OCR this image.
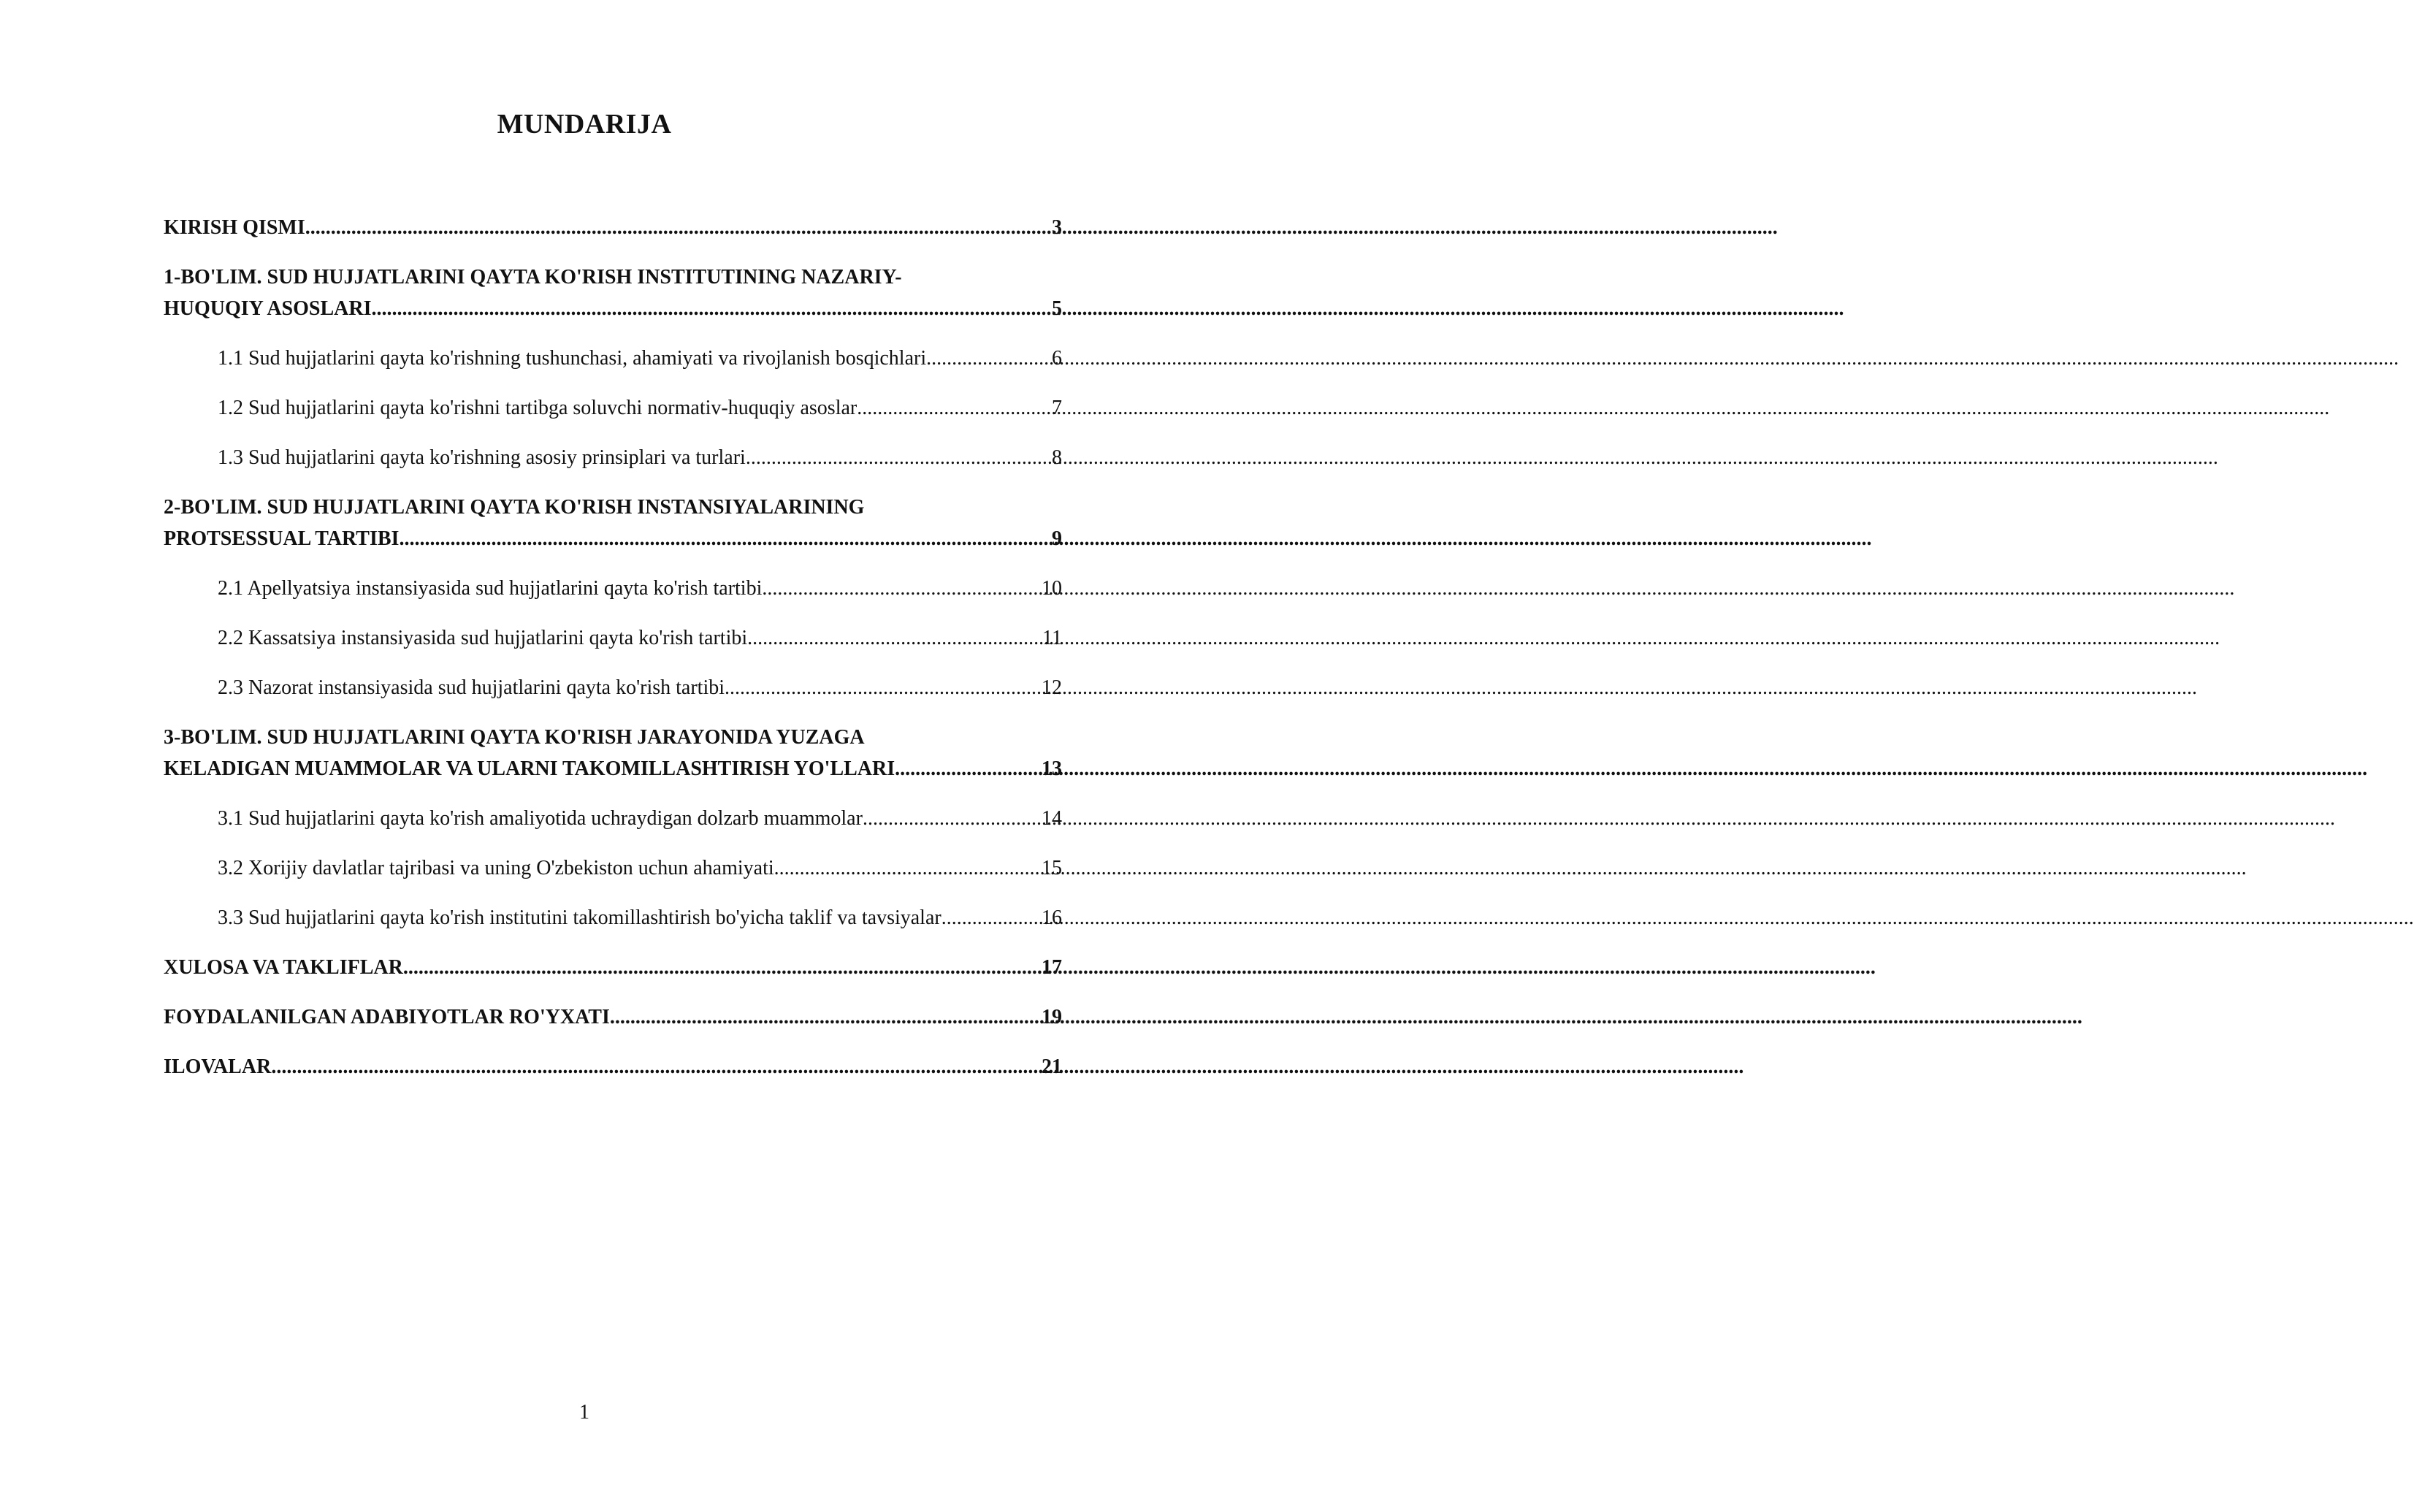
MUNDARIJA
KIRISH QISMI .....	3
1-BO'LIM. SUD HUJJATLARINI QAYTA KO'RISH INSTITUTINING NAZARIY-
HUQUQIY ASOSLARI .....	5
1.1 Sud hujjatlarini qayta ko'rishning tushunchasi, ahamiyati va rivojlanish bosqichlari .....	6
1.2 Sud hujjatlarini qayta ko'rishni tartibga soluvchi normativ-huquqiy asoslar .....	7
1.3 Sud hujjatlarini qayta ko'rishning asosiy prinsiplari va turlari .....	8
2-BO'LIM. SUD HUJJATLARINI QAYTA KO'RISH INSTANSIYALARINING
PROTSESSUAL TARTIBI .....	9
2.1 Apellyatsiya instansiyasida sud hujjatlarini qayta ko'rish tartibi .....	10
2.2 Kassatsiya instansiyasida sud hujjatlarini qayta ko'rish tartibi .....	11
2.3 Nazorat instansiyasida sud hujjatlarini qayta ko'rish tartibi .....	12
3-BO'LIM. SUD HUJJATLARINI QAYTA KO'RISH JARAYONIDA YUZAGA
KELADIGAN MUAMMOLAR VA ULARNI TAKOMILLASHTIRISH YO'LLARI .....	13
3.1 Sud hujjatlarini qayta ko'rish amaliyotida uchraydigan dolzarb muammolar .....	14
3.2 Xorijiy davlatlar tajribasi va uning O'zbekiston uchun ahamiyati .....	15
3.3 Sud hujjatlarini qayta ko'rish institutini takomillashtirish bo'yicha taklif va tavsiyalar .....	16
XULOSA VA TAKLIFLAR .....	17
FOYDALANILGAN ADABIYOTLAR RO'YXATI .....	19
ILOVALAR .....	21
1
